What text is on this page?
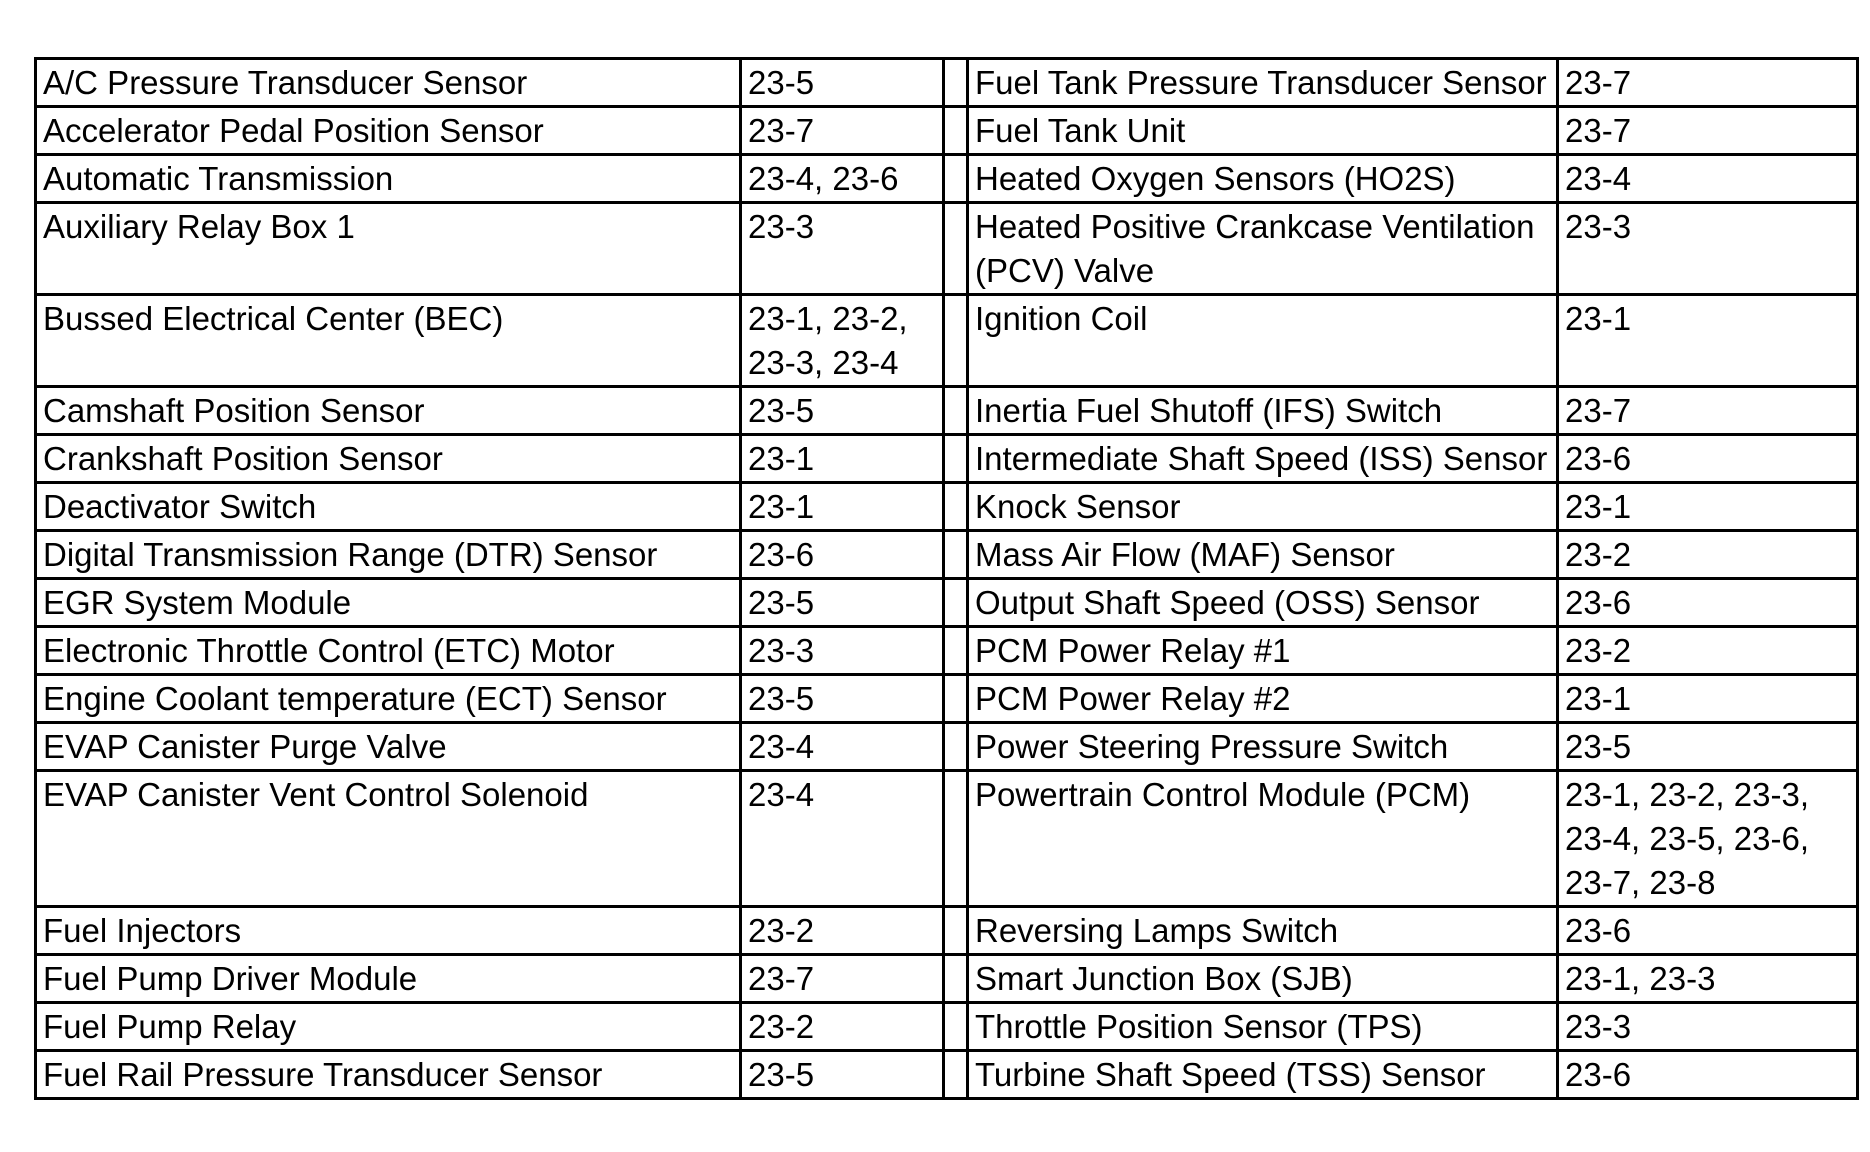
A/C Pressure Transducer Sensor	23-5		Fuel Tank Pressure Transducer Sensor	23-7
Accelerator Pedal Position Sensor	23-7		Fuel Tank Unit	23-7
Automatic Transmission	23-4, 23-6		Heated Oxygen Sensors (HO2S)	23-4
Auxiliary Relay Box 1	23-3		Heated Positive Crankcase Ventilation (PCV) Valve	23-3
Bussed Electrical Center (BEC)	23-1, 23-2, 23-3, 23-4		Ignition Coil	23-1
Camshaft Position Sensor	23-5		Inertia Fuel Shutoff (IFS) Switch	23-7
Crankshaft Position Sensor	23-1		Intermediate Shaft Speed (ISS) Sensor	23-6
Deactivator Switch	23-1		Knock Sensor	23-1
Digital Transmission Range (DTR) Sensor	23-6		Mass Air Flow (MAF) Sensor	23-2
EGR System Module	23-5		Output Shaft Speed (OSS) Sensor	23-6
Electronic Throttle Control (ETC) Motor	23-3		PCM Power Relay #1	23-2
Engine Coolant temperature (ECT) Sensor	23-5		PCM Power Relay #2	23-1
EVAP Canister Purge Valve	23-4		Power Steering Pressure Switch	23-5
EVAP Canister Vent Control Solenoid	23-4		Powertrain Control Module (PCM)	23-1, 23-2, 23-3, 23-4, 23-5, 23-6, 23-7, 23-8
Fuel Injectors	23-2		Reversing Lamps Switch	23-6
Fuel Pump Driver Module	23-7		Smart Junction Box (SJB)	23-1, 23-3
Fuel Pump Relay	23-2		Throttle Position Sensor (TPS)	23-3
Fuel Rail Pressure Transducer Sensor	23-5		Turbine Shaft Speed (TSS) Sensor	23-6
